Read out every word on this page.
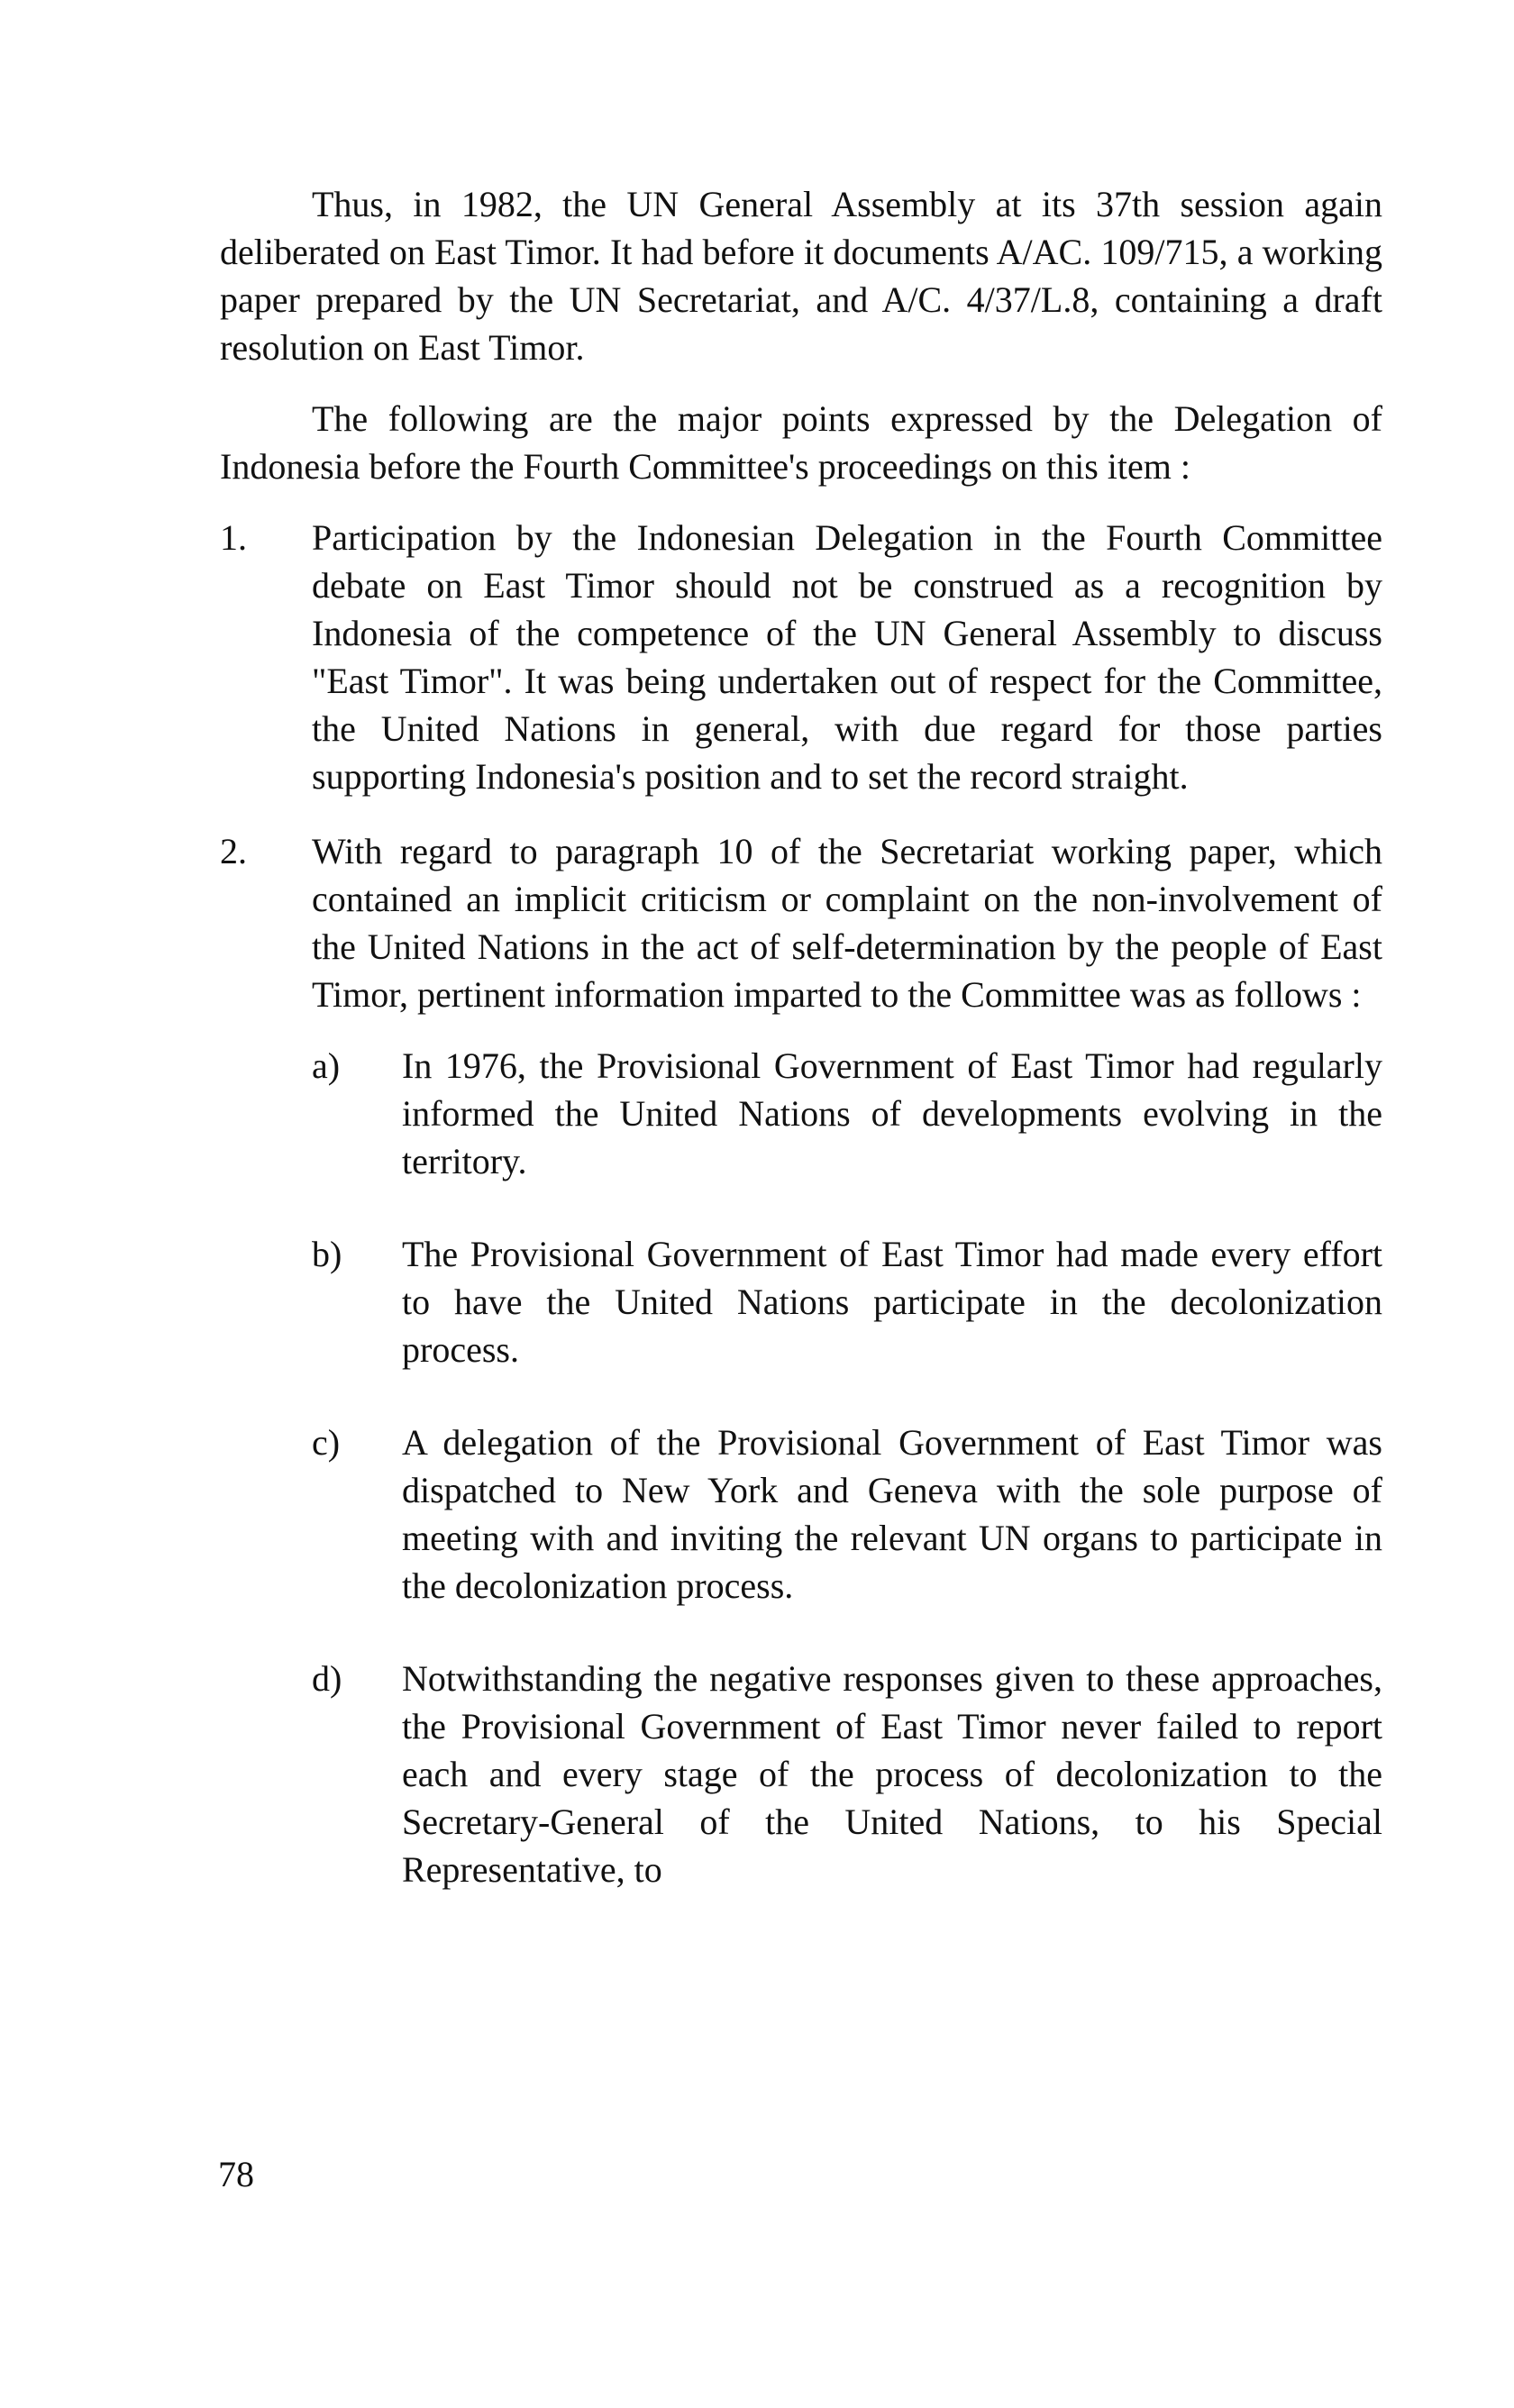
Thus, in 1982, the UN General Assembly at its 37th session again deliberated on East Timor. It had before it documents A/AC. 109/715, a working paper prepared by the UN Secretariat, and A/C. 4/37/L.8, containing a draft resolution on East Timor.

The following are the major points expressed by the Delegation of Indonesia before the Fourth Committee's proceedings on this item :

1.	Participation by the Indonesian Delegation in the Fourth Committee debate on East Timor should not be construed as a recognition by Indonesia of the competence of the UN General Assembly to discuss "East Timor". It was being undertaken out of respect for the Committee, the United Nations in general, with due regard for those parties supporting Indonesia's position and to set the record straight.
2.	With regard to paragraph 10 of the Secretariat working paper, which contained an implicit criticism or complaint on the non-involvement of the United Nations in the act of self-determination by the people of East Timor, pertinent information imparted to the Committee was as follows :
a)	In 1976, the Provisional Government of East Timor had regularly informed the United Nations of developments evolving in the territory.
b)	The Provisional Government of East Timor had made every effort to have the United Nations participate in the decolonization process.
c)	A delegation of the Provisional Government of East Timor was dispatched to New York and Geneva with the sole purpose of meeting with and inviting the relevant UN organs to participate in the decolonization process.
d)	Notwithstanding the negative responses given to these approaches, the Provisional Government of East Timor never failed to report each and every stage of the process of decolonization to the Secretary-General of the United Nations, to his Special Representative, to
78
